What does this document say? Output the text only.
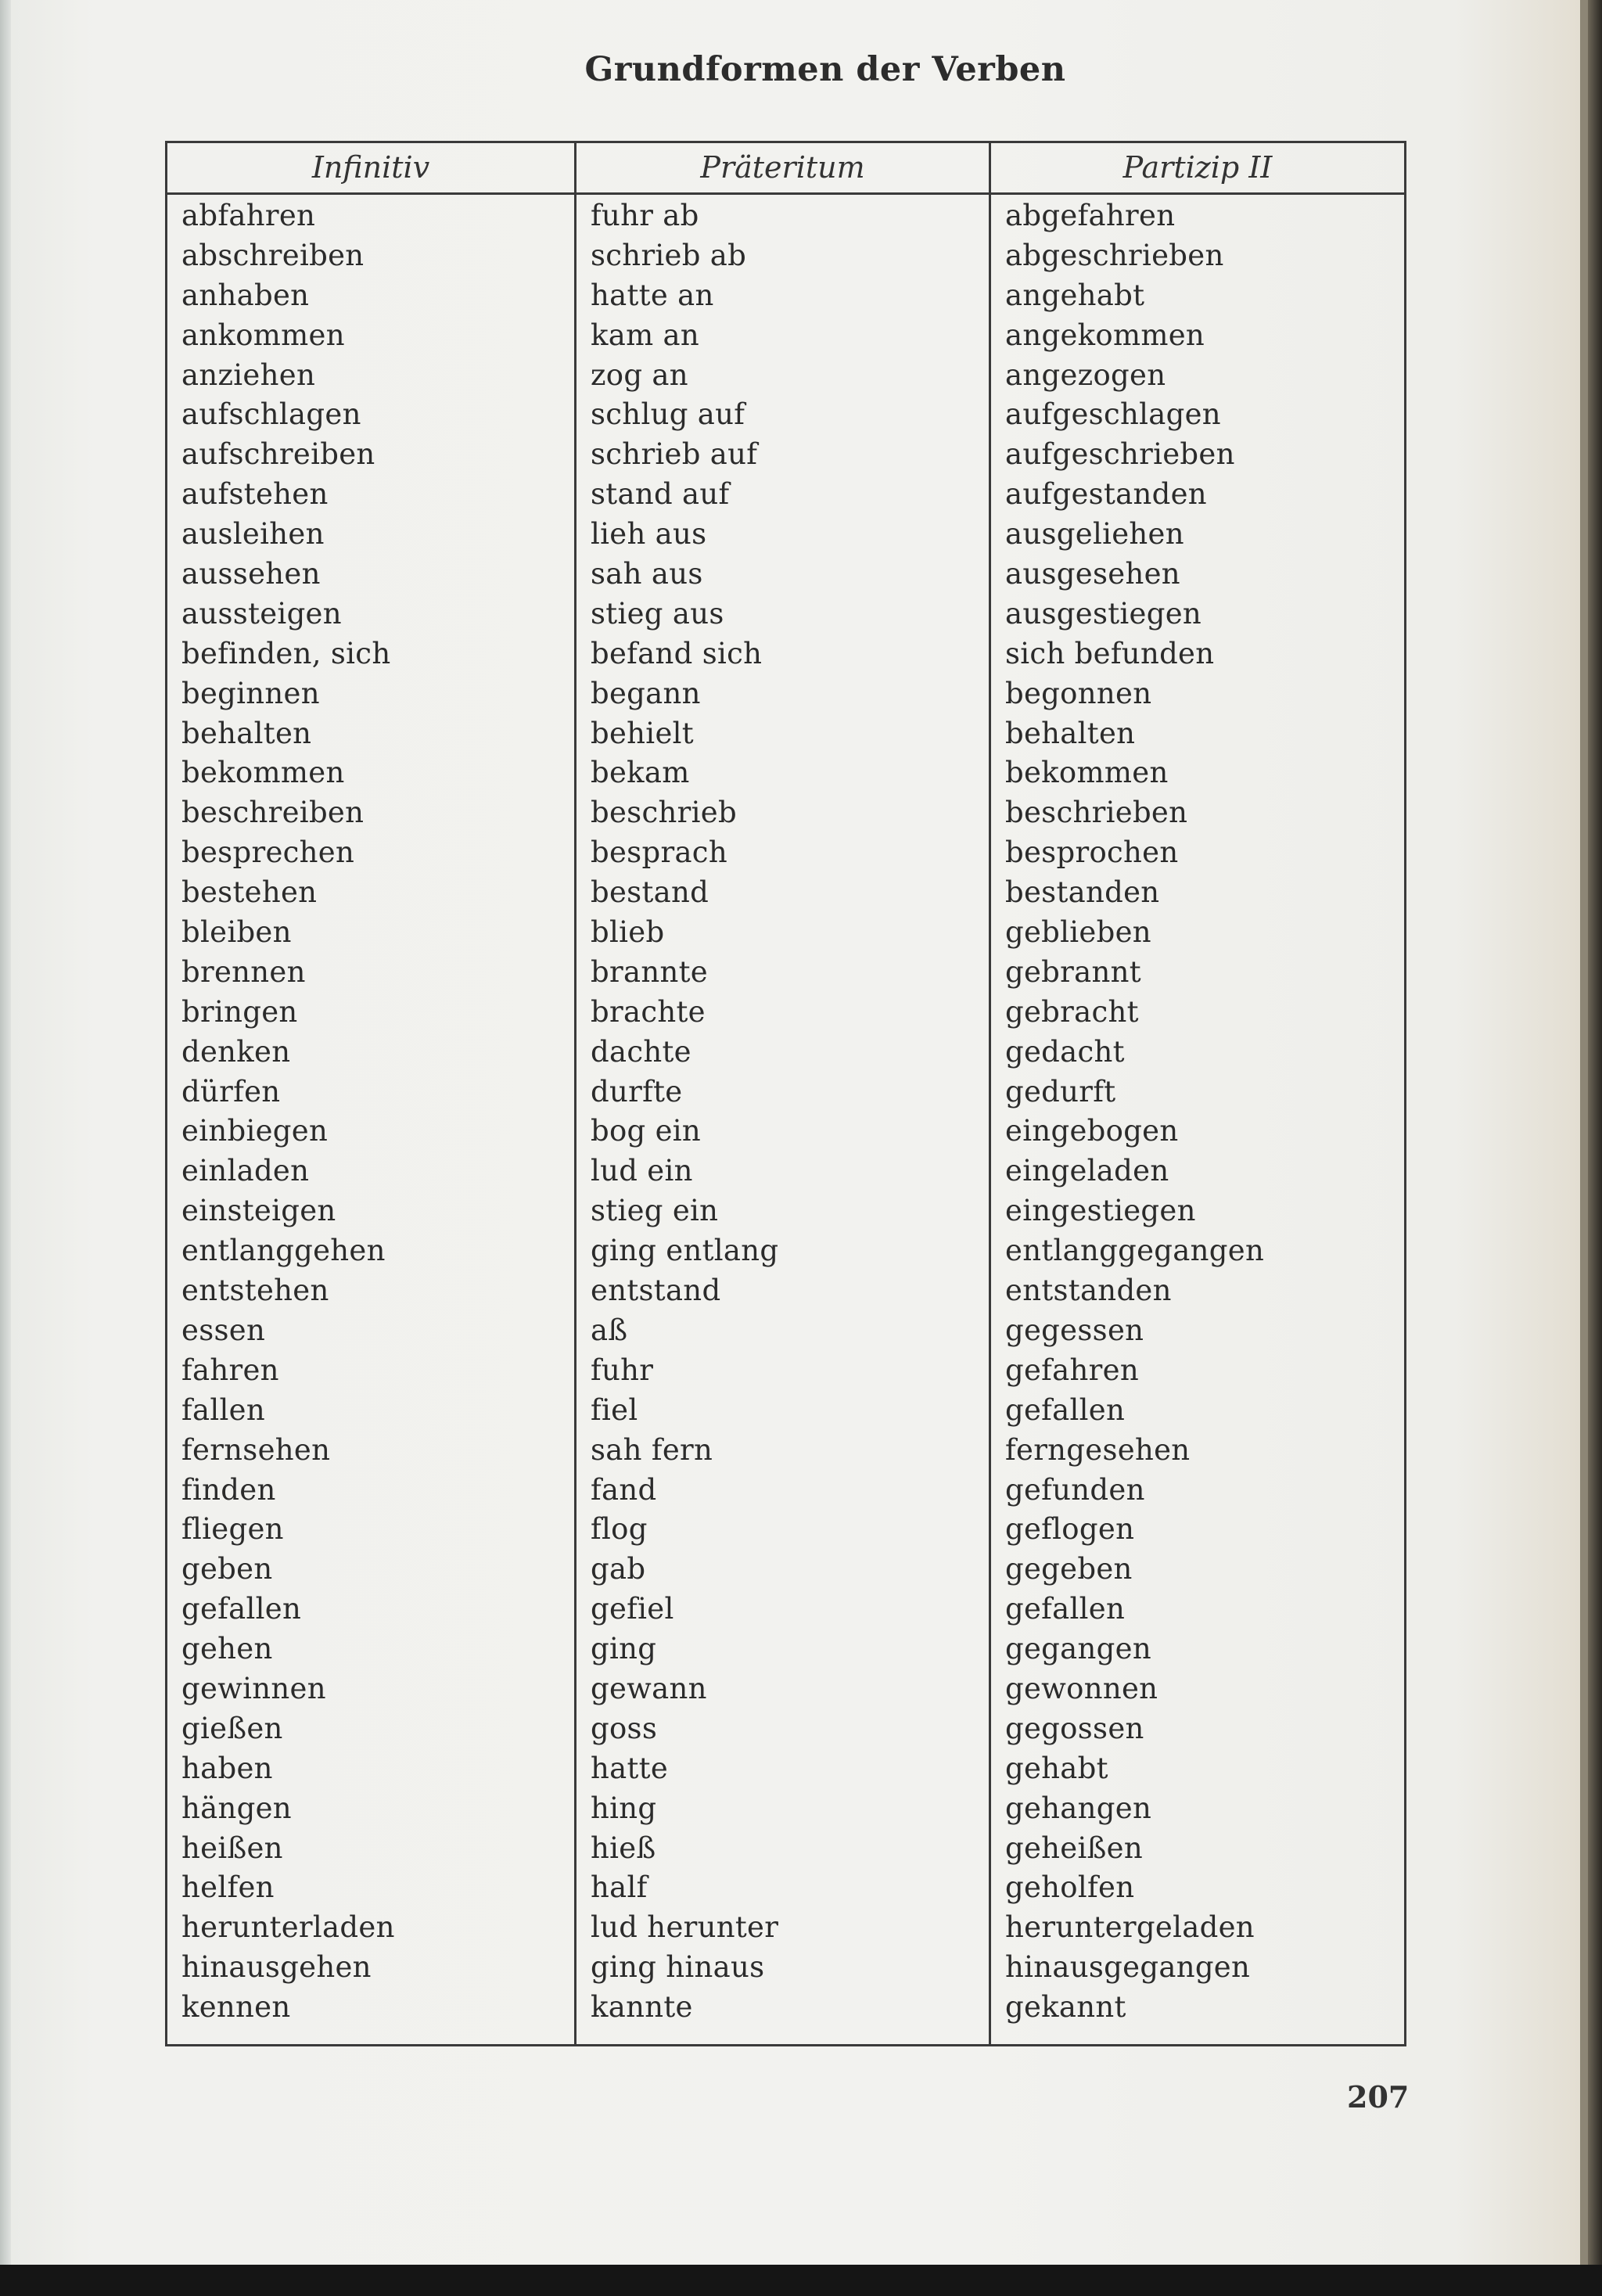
Grundformen der Verben
Infinitiv	Präteritum	Partizip II
abfahren
abschreiben
anhaben
ankommen
anziehen
aufschlagen
aufschreiben
aufstehen
ausleihen
aussehen
aussteigen
befinden, sich
beginnen
behalten
bekommen
beschreiben
besprechen
bestehen
bleiben
brennen
bringen
denken
dürfen
einbiegen
einladen
einsteigen
entlanggehen
entstehen
essen
fahren
fallen
fernsehen
finden
fliegen
geben
gefallen
gehen
gewinnen
gießen
haben
hängen
heißen
helfen
herunterladen
hinausgehen
kennen
fuhr ab
schrieb ab
hatte an
kam an
zog an
schlug auf
schrieb auf
stand auf
lieh aus
sah aus
stieg aus
befand sich
begann
behielt
bekam
beschrieb
besprach
bestand
blieb
brannte
brachte
dachte
durfte
bog ein
lud ein
stieg ein
ging entlang
entstand
aß
fuhr
fiel
sah fern
fand
flog
gab
gefiel
ging
gewann
goss
hatte
hing
hieß
half
lud herunter
ging hinaus
kannte
abgefahren
abgeschrieben
angehabt
angekommen
angezogen
aufgeschlagen
aufgeschrieben
aufgestanden
ausgeliehen
ausgesehen
ausgestiegen
sich befunden
begonnen
behalten
bekommen
beschrieben
besprochen
bestanden
geblieben
gebrannt
gebracht
gedacht
gedurft
eingebogen
eingeladen
eingestiegen
entlanggegangen
entstanden
gegessen
gefahren
gefallen
ferngesehen
gefunden
geflogen
gegeben
gefallen
gegangen
gewonnen
gegossen
gehabt
gehangen
geheißen
geholfen
heruntergeladen
hinausgegangen
gekannt
207
